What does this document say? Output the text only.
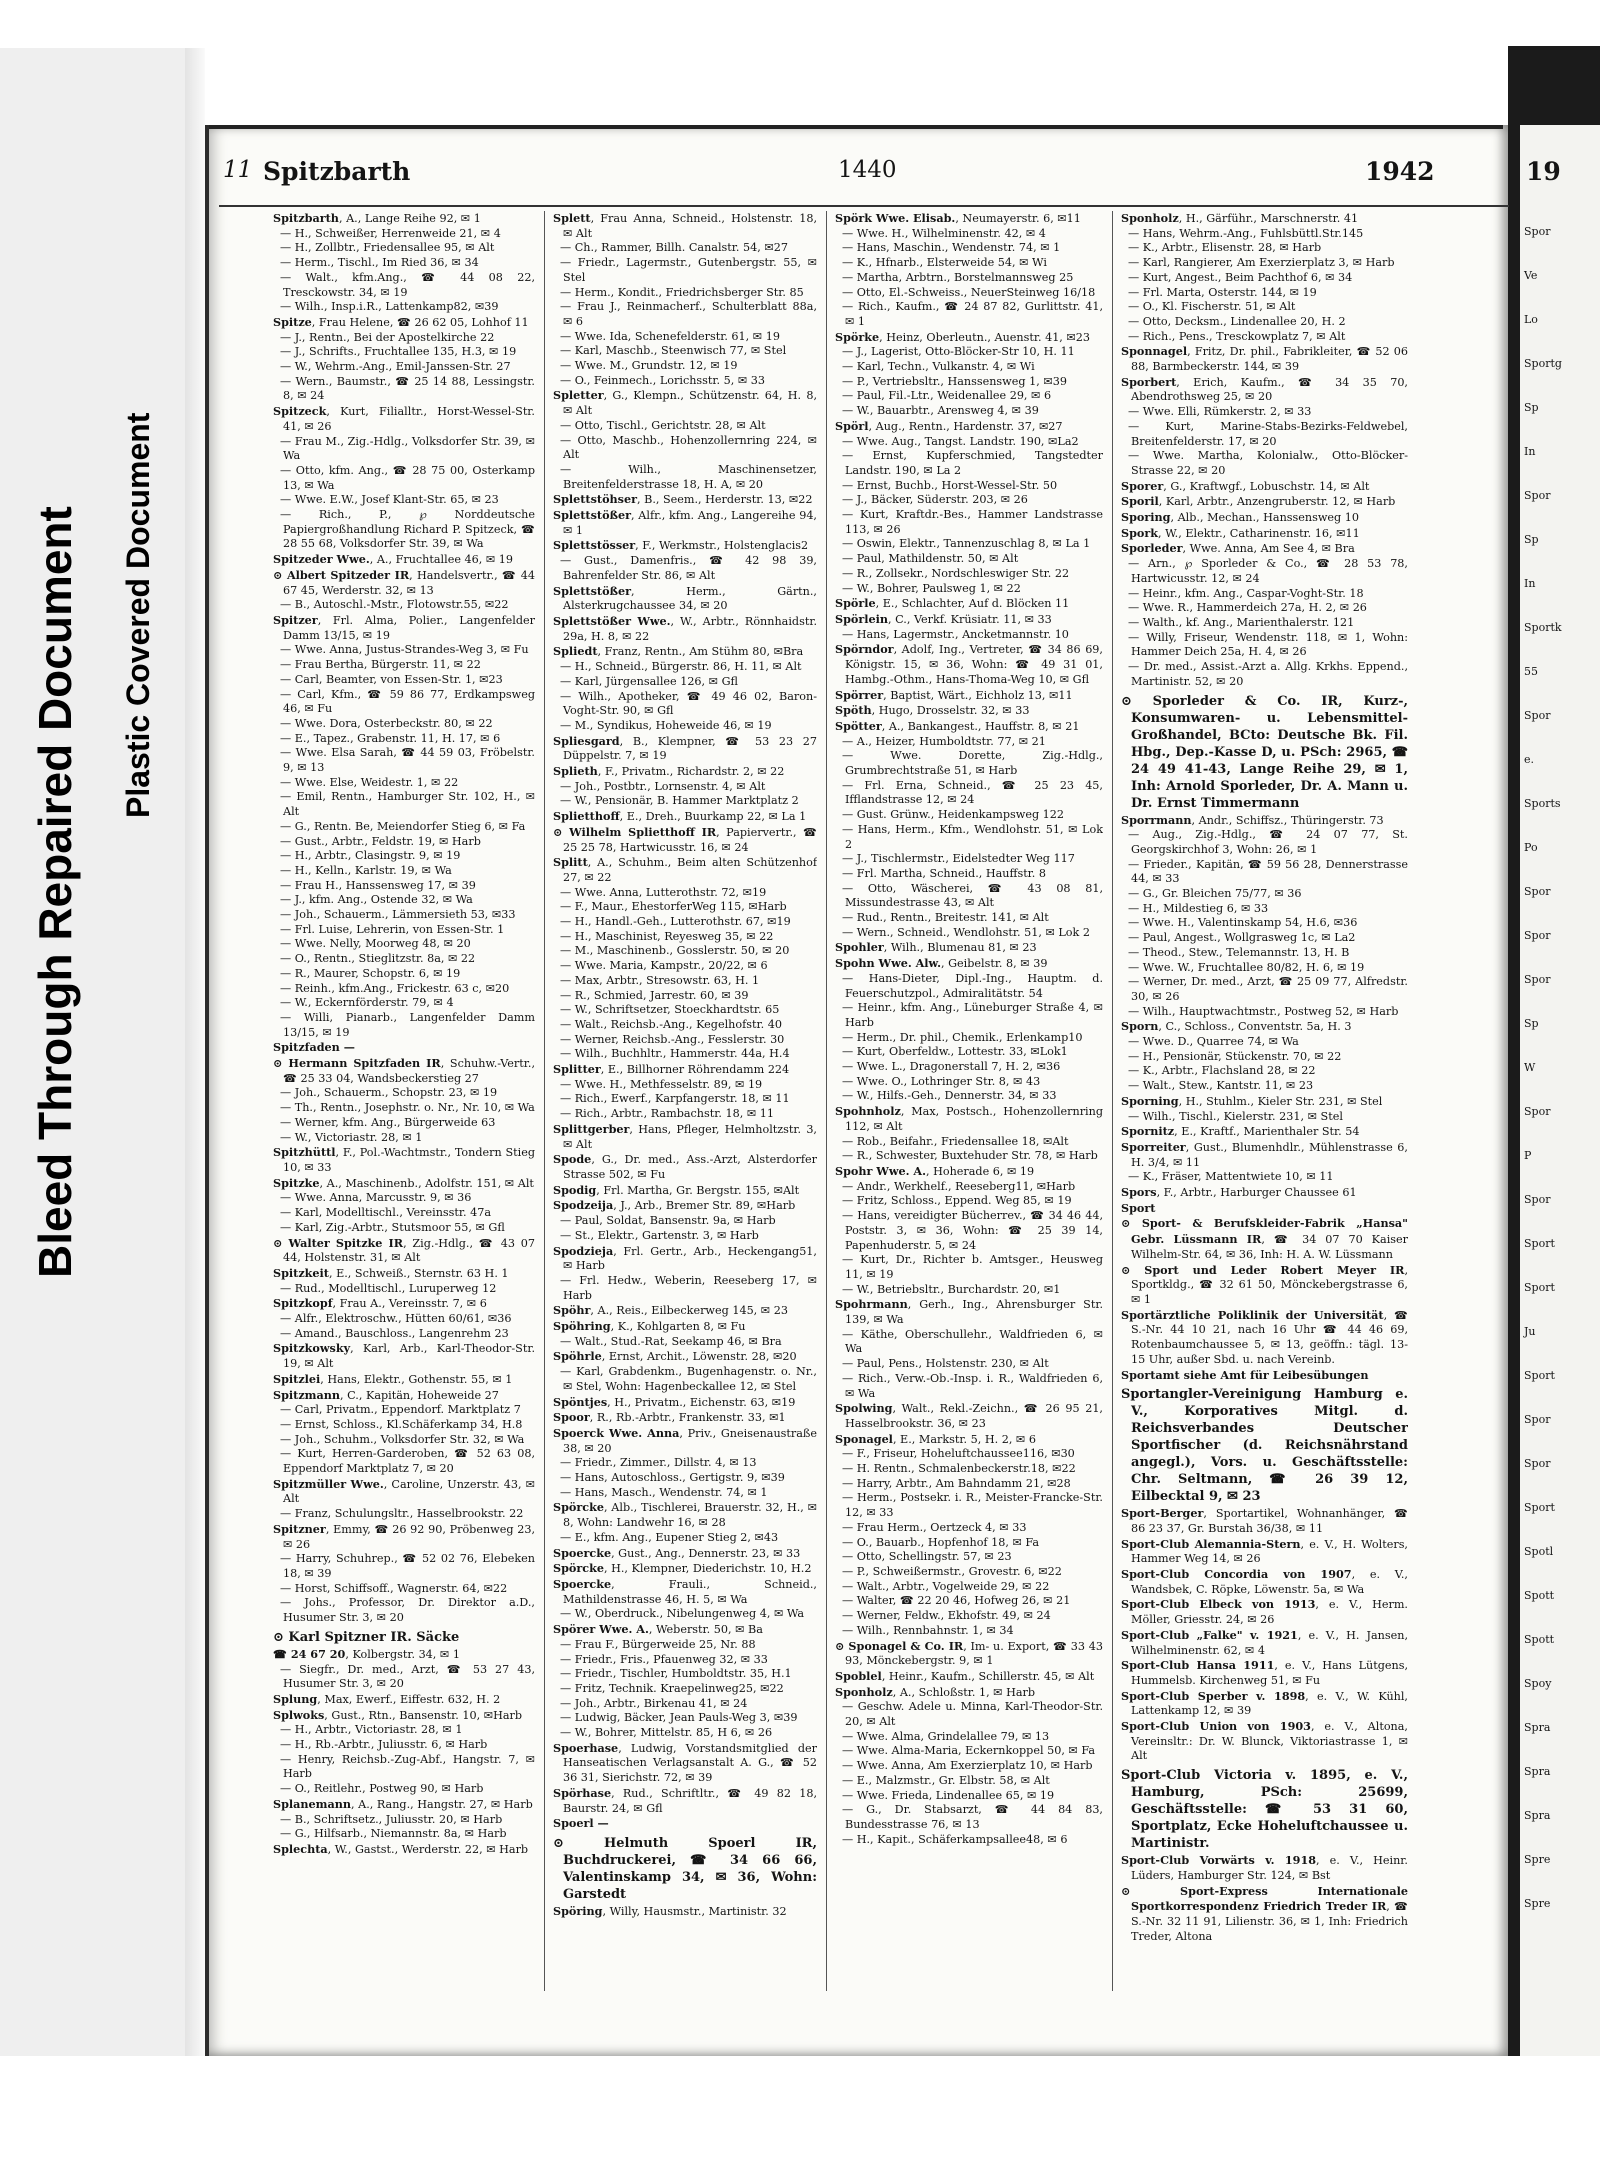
Bleed Through Repaired Document Plastic Covered Document
11 Spitzbarth	1440	1942

Spitzbarth, A., Lange Reihe 92, ✉ 1

— H., Schweißer, Herrenweide 21, ✉ 4

— H., Zollbtr., Friedensallee 95, ✉ Alt

— Herm., Tischl., Im Ried 36, ✉ 34

— Walt., kfm.Ang., ☎ 44 08 22, Tresckowstr. 34, ✉ 19

— Wilh., Insp.i.R., Lattenkamp82, ✉39

Spitze, Frau Helene, ☎ 26 62 05, Lohhof 11

— J., Rentn., Bei der Apostelkirche 22

— J., Schrifts., Fruchtallee 135, H.3, ✉ 19

— W., Wehrm.-Ang., Emil-Janssen-Str. 27

— Wern., Baumstr., ☎ 25 14 88, Lessingstr. 8, ✉ 24

Spitzeck, Kurt, Filialltr., Horst-Wessel-Str. 41, ✉ 26

— Frau M., Zig.-Hdlg., Volksdorfer Str. 39, ✉ Wa

— Otto, kfm. Ang., ☎ 28 75 00, Osterkamp 13, ✉ Wa

— Wwe. E.W., Josef Klant-Str. 65, ✉ 23

— Rich., P., ℘ Norddeutsche Papiergroßhandlung Richard P. Spitzeck, ☎ 28 55 68, Volksdorfer Str. 39, ✉ Wa

Spitzeder Wwe., A., Fruchtallee 46, ✉ 19

⊙ Albert Spitzeder IR, Handelsvertr., ☎ 44 67 45, Werderstr. 32, ✉ 13

— B., Autoschl.-Mstr., Flotowstr.55, ✉22

Spitzer, Frl. Alma, Polier., Langenfelder Damm 13/15, ✉ 19

— Wwe. Anna, Justus-Strandes-Weg 3, ✉ Fu

— Frau Bertha, Bürgerstr. 11, ✉ 22

— Carl, Beamter, von Essen-Str. 1, ✉23

— Carl, Kfm., ☎ 59 86 77, Erdkampsweg 46, ✉ Fu

— Wwe. Dora, Osterbeckstr. 80, ✉ 22

— E., Tapez., Grabenstr. 11, H. 17, ✉ 6

— Wwe. Elsa Sarah, ☎ 44 59 03, Fröbelstr. 9, ✉ 13

— Wwe. Else, Weidestr. 1, ✉ 22

— Emil, Rentn., Hamburger Str. 102, H., ✉ Alt

— G., Rentn. Be, Meiendorfer Stieg 6, ✉ Fa

— Gust., Arbtr., Feldstr. 19, ✉ Harb

— H., Arbtr., Clasingstr. 9, ✉ 19

— H., Kelln., Karlstr. 19, ✉ Wa

— Frau H., Hanssensweg 17, ✉ 39

— J., kfm. Ang., Ostende 32, ✉ Wa

— Joh., Schauerm., Lämmersieth 53, ✉33

— Frl. Luise, Lehrerin, von Essen-Str. 1

— Wwe. Nelly, Moorweg 48, ✉ 20

— O., Rentn., Stieglitzstr. 8a, ✉ 22

— R., Maurer, Schopstr. 6, ✉ 19

— Reinh., kfm.Ang., Frickestr. 63 c, ✉20

— W., Eckernförderstr. 79, ✉ 4

— Willi, Pianarb., Langenfelder Damm 13/15, ✉ 19

Spitzfaden —

⊙ Hermann Spitzfaden IR, Schuhw.-Vertr., ☎ 25 33 04, Wandsbeckerstieg 27

— Joh., Schauerm., Schopstr. 23, ✉ 19

— Th., Rentn., Josephstr. o. Nr., Nr. 10, ✉ Wa

— Werner, kfm. Ang., Bürgerweide 63

— W., Victoriastr. 28, ✉ 1

Spitzhüttl, F., Pol.-Wachtmstr., Tondern Stieg 10, ✉ 33

Spitzke, A., Maschinenb., Adolfstr. 151, ✉ Alt

— Wwe. Anna, Marcusstr. 9, ✉ 36

— Karl, Modelltischl., Vereinsstr. 47a

— Karl, Zig.-Arbtr., Stutsmoor 55, ✉ Gfl

⊙ Walter Spitzke IR, Zig.-Hdlg., ☎ 43 07 44, Holstenstr. 31, ✉ Alt

Spitzkeit, E., Schweiß., Sternstr. 63 H. 1

— Rud., Modelltischl., Luruperweg 12

Spitzkopf, Frau A., Vereinsstr. 7, ✉ 6

— Alfr., Elektroschw., Hütten 60/61, ✉36

— Amand., Bauschloss., Langenrehm 23

Spitzkowsky, Karl, Arb., Karl-Theodor-Str. 19, ✉ Alt

Spitzlei, Hans, Elektr., Gothenstr. 55, ✉ 1

Spitzmann, C., Kapitän, Hoheweide 27

— Carl, Privatm., Eppendorf. Marktplatz 7

— Ernst, Schloss., Kl.Schäferkamp 34, H.8

— Joh., Schuhm., Volksdorfer Str. 32, ✉ Wa

— Kurt, Herren-Garderoben, ☎ 52 63 08, Eppendorf Marktplatz 7, ✉ 20

Spitzmüller Wwe., Caroline, Unzerstr. 43, ✉ Alt

— Franz, Schulungsltr., Hasselbrookstr. 22

Spitzner, Emmy, ☎ 26 92 90, Pröbenweg 23, ✉ 26

— Harry, Schuhrep., ☎ 52 02 76, Elebeken 18, ✉ 39

— Horst, Schiffsoff., Wagnerstr. 64, ✉22

— Johs., Professor, Dr. Direktor a.D., Husumer Str. 3, ✉ 20

⊙ Karl Spitzner IR. Säcke

☎ 24 67 20, Kolbergstr. 34, ✉ 1

— Siegfr., Dr. med., Arzt, ☎ 53 27 43, Husumer Str. 3, ✉ 20

Splung, Max, Ewerf., Eiffestr. 632, H. 2

Splwoks, Gust., Rtn., Bansenstr. 10, ✉Harb

— H., Arbtr., Victoriastr. 28, ✉ 1

— H., Rb.-Arbtr., Juliusstr. 6, ✉ Harb

— Henry, Reichsb.-Zug-Abf., Hangstr. 7, ✉ Harb

— O., Reitlehr., Postweg 90, ✉ Harb

Splanemann, A., Rang., Hangstr. 27, ✉ Harb

— B., Schriftsetz., Juliusstr. 20, ✉ Harb

— G., Hilfsarb., Niemannstr. 8a, ✉ Harb

Splechta, W., Gastst., Werderstr. 22, ✉ Harb

Splett, Frau Anna, Schneid., Holstenstr. 18, ✉ Alt

— Ch., Rammer, Billh. Canalstr. 54, ✉27

— Friedr., Lagermstr., Gutenbergstr. 55, ✉ Stel

— Herm., Kondit., Friedrichsberger Str. 85

— Frau J., Reinmacherf., Schulterblatt 88a, ✉ 6

— Wwe. Ida, Schenefelderstr. 61, ✉ 19

— Karl, Maschb., Steenwisch 77, ✉ Stel

— Wwe. M., Grundstr. 12, ✉ 19

— O., Feinmech., Lorichsstr. 5, ✉ 33

Spletter, G., Klempn., Schützenstr. 64, H. 8, ✉ Alt

— Otto, Tischl., Gerichtstr. 28, ✉ Alt

— Otto, Maschb., Hohenzollernring 224, ✉ Alt

— Wilh., Maschinensetzer, Breitenfelderstrasse 18, H. A, ✉ 20

Splettstöhser, B., Seem., Herderstr. 13, ✉22

Splettstößer, Alfr., kfm. Ang., Langereihe 94, ✉ 1

Splettstösser, F., Werkmstr., Holstenglacis2

— Gust., Damenfris., ☎ 42 98 39, Bahrenfelder Str. 86, ✉ Alt

Splettstößer, Herm., Gärtn., Alsterkrugchaussee 34, ✉ 20

Splettstößer Wwe., W., Arbtr., Rönnhaidstr. 29a, H. 8, ✉ 22

Spliedt, Franz, Rentn., Am Stühm 80, ✉Bra

— H., Schneid., Bürgerstr. 86, H. 11, ✉ Alt

— Karl, Jürgensallee 126, ✉ Gfl

— Wilh., Apotheker, ☎ 49 46 02, Baron-Voght-Str. 90, ✉ Gfl

— M., Syndikus, Hoheweide 46, ✉ 19

Spliesgard, B., Klempner, ☎ 53 23 27 Düppelstr. 7, ✉ 19

Splieth, F., Privatm., Richardstr. 2, ✉ 22

— Joh., Postbtr., Lornsenstr. 4, ✉ Alt

— W., Pensionär, B. Hammer Marktplatz 2

Splietthoff, E., Dreh., Buurkamp 22, ✉ La 1

⊙ Wilhelm Splietthoff IR, Papiervertr., ☎ 25 25 78, Hartwicusstr. 16, ✉ 24

Splitt, A., Schuhm., Beim alten Schützenhof 27, ✉ 22

— Wwe. Anna, Lutterothstr. 72, ✉19

— F., Maur., EhestorferWeg 115, ✉Harb

— H., Handl.-Geh., Lutterothstr. 67, ✉19

— H., Maschinist, Reyesweg 35, ✉ 22

— M., Maschinenb., Gosslerstr. 50, ✉ 20

— Wwe. Maria, Kampstr., 20/22, ✉ 6

— Max, Arbtr., Stresowstr. 63, H. 1

— R., Schmied, Jarrestr. 60, ✉ 39

— W., Schriftsetzer, Stoeckhardtstr. 65

— Walt., Reichsb.-Ang., Kegelhofstr. 40

— Werner, Reichsb.-Ang., Fesslerstr. 30

— Wilh., Buchhltr., Hammerstr. 44a, H.4

Splitter, E., Billhorner Röhrendamm 224

— Wwe. H., Methfesselstr. 89, ✉ 19

— Rich., Ewerf., Karpfangerstr. 18, ✉ 11

— Rich., Arbtr., Rambachstr. 18, ✉ 11

Splittgerber, Hans, Pfleger, Helmholtzstr. 3, ✉ Alt

Spode, G., Dr. med., Ass.-Arzt, Alsterdorfer Strasse 502, ✉ Fu

Spodig, Frl. Martha, Gr. Bergstr. 155, ✉Alt

Spodzeija, J., Arb., Bremer Str. 89, ✉Harb

— Paul, Soldat, Bansenstr. 9a, ✉ Harb

— St., Elektr., Gartenstr. 3, ✉ Harb

Spodzieja, Frl. Gertr., Arb., Heckengang51, ✉ Harb

— Frl. Hedw., Weberin, Reeseberg 17, ✉ Harb

Spöhr, A., Reis., Eilbeckerweg 145, ✉ 23

Spöhring, K., Kohlgarten 8, ✉ Fu

— Walt., Stud.-Rat, Seekamp 46, ✉ Bra

Spöhrle, Ernst, Archit., Löwenstr. 28, ✉20

— Karl, Grabdenkm., Bugenhagenstr. o. Nr., ✉ Stel, Wohn: Hagenbeckallee 12, ✉ Stel

Spöntjes, H., Privatm., Eichenstr. 63, ✉19

Spoor, R., Rb.-Arbtr., Frankenstr. 33, ✉1

Spoerck Wwe. Anna, Priv., Gneisenaustraße 38, ✉ 20

— Friedr., Zimmer., Dillstr. 4, ✉ 13

— Hans, Autoschloss., Gertigstr. 9, ✉39

— Hans, Masch., Wendenstr. 74, ✉ 1

Spörcke, Alb., Tischlerei, Brauerstr. 32, H., ✉ 8, Wohn: Landwehr 16, ✉ 28

— E., kfm. Ang., Eupener Stieg 2, ✉43

Spoercke, Gust., Ang., Dennerstr. 23, ✉ 33

Spörcke, H., Klempner, Diederichstr. 10, H.2

Spoercke, Frauli., Schneid., Mathildenstrasse 46, H. 5, ✉ Wa

— W., Oberdruck., Nibelungenweg 4, ✉ Wa

Spörer Wwe. A., Weberstr. 50, ✉ Ba

— Frau F., Bürgerweide 25, Nr. 88

— Friedr., Fris., Pfauenweg 32, ✉ 33

— Friedr., Tischler, Humboldtstr. 35, H.1

— Fritz, Technik. Kraepelinweg25, ✉22

— Joh., Arbtr., Birkenau 41, ✉ 24

— Ludwig, Bäcker, Jean Pauls-Weg 3, ✉39

— W., Bohrer, Mittelstr. 85, H 6, ✉ 26

Spoerhase, Ludwig, Vorstandsmitglied der Hanseatischen Verlagsanstalt A. G., ☎ 52 36 31, Sierichstr. 72, ✉ 39

Spörhase, Rud., Schriftltr., ☎ 49 82 18, Baurstr. 24, ✉ Gfl

Spoerl —

⊙ Helmuth Spoerl IR, Buchdruckerei, ☎ 34 66 66, Valentinskamp 34, ✉ 36, Wohn: Garstedt

Spöring, Willy, Hausmstr., Martinistr. 32

Spörk Wwe. Elisab., Neumayerstr. 6, ✉11

— Wwe. H., Wilhelminenstr. 42, ✉ 4

— Hans, Maschin., Wendenstr. 74, ✉ 1

— K., Hfnarb., Elsterweide 54, ✉ Wi

— Martha, Arbtrn., Borstelmannsweg 25

— Otto, El.-Schweiss., NeuerSteinweg 16/18

— Rich., Kaufm., ☎ 24 87 82, Gurlittstr. 41, ✉ 1

Spörke, Heinz, Oberleutn., Auenstr. 41, ✉23

— J., Lagerist, Otto-Blöcker-Str 10, H. 11

— Karl, Techn., Vulkanstr. 4, ✉ Wi

— P., Vertriebsltr., Hanssensweg 1, ✉39

— Paul, Fil.-Ltr., Weidenallee 29, ✉ 6

— W., Bauarbtr., Arensweg 4, ✉ 39

Spörl, Aug., Rentn., Hardenstr. 37, ✉27

— Wwe. Aug., Tangst. Landstr. 190, ✉La2

— Ernst, Kupferschmied, Tangstedter Landstr. 190, ✉ La 2

— Ernst, Buchb., Horst-Wessel-Str. 50

— J., Bäcker, Süderstr. 203, ✉ 26

— Kurt, Kraftdr.-Bes., Hammer Landstrasse 113, ✉ 26

— Oswin, Elektr., Tannenzuschlag 8, ✉ La 1

— Paul, Mathildenstr. 50, ✉ Alt

— R., Zollsekr., Nordschleswiger Str. 22

— W., Bohrer, Paulsweg 1, ✉ 22

Spörle, E., Schlachter, Auf d. Blöcken 11

Spörlein, C., Verkf. Krüsiatr. 11, ✉ 33

— Hans, Lagermstr., Ancketmannstr. 10

Spörndor, Adolf, Ing., Vertreter, ☎ 34 86 69, Königstr. 15, ✉ 36, Wohn: ☎ 49 31 01, Hambg.-Othm., Hans-Thoma-Weg 10, ✉ Gfl

Spörrer, Baptist, Wärt., Eichholz 13, ✉11

Spöth, Hugo, Drosselstr. 32, ✉ 33

Spötter, A., Bankangest., Hauffstr. 8, ✉ 21

— A., Heizer, Humboldtstr. 77, ✉ 21

— Wwe. Dorette, Zig.-Hdlg., Grumbrechtstraße 51, ✉ Harb

— Frl. Erna, Schneid., ☎ 25 23 45, Ifflandstrasse 12, ✉ 24

— Gust. Grünw., Heidenkampsweg 122

— Hans, Herm., Kfm., Wendlohstr. 51, ✉ Lok 2

— J., Tischlermstr., Eidelstedter Weg 117

— Frl. Martha, Schneid., Hauffstr. 8

— Otto, Wäscherei, ☎ 43 08 81, Missundestrasse 43, ✉ Alt

— Rud., Rentn., Breitestr. 141, ✉ Alt

— Wern., Schneid., Wendlohstr. 51, ✉ Lok 2

Spohler, Wilh., Blumenau 81, ✉ 23

Spohn Wwe. Alw., Geibelstr. 8, ✉ 39

— Hans-Dieter, Dipl.-Ing., Hauptm. d. Feuerschutzpol., Admiralitätstr. 54

— Heinr., kfm. Ang., Lüneburger Straße 4, ✉ Harb

— Herm., Dr. phil., Chemik., Erlenkamp10

— Kurt, Oberfeldw., Lottestr. 33, ✉Lok1

— Wwe. L., Dragonerstall 7, H. 2, ✉36

— Wwe. O., Lothringer Str. 8, ✉ 43

— W., Hilfs.-Geh., Dennerstr. 34, ✉ 33

Spohnholz, Max, Postsch., Hohenzollernring 112, ✉ Alt

— Rob., Beifahr., Friedensallee 18, ✉Alt

— R., Schwester, Buxtehuder Str. 78, ✉ Harb

Spohr Wwe. A., Hoherade 6, ✉ 19

— Andr., Werkhelf., Reeseberg11, ✉Harb

— Fritz, Schloss., Eppend. Weg 85, ✉ 19

— Hans, vereidigter Bücherrev., ☎ 34 46 44, Poststr. 3, ✉ 36, Wohn: ☎ 25 39 14, Papenhuderstr. 5, ✉ 24

— Kurt, Dr., Richter b. Amtsger., Heusweg 11, ✉ 19

— W., Betriebsltr., Burchardstr. 20, ✉1

Spohrmann, Gerh., Ing., Ahrensburger Str. 139, ✉ Wa

— Käthe, Oberschullehr., Waldfrieden 6, ✉ Wa

— Paul, Pens., Holstenstr. 230, ✉ Alt

— Rich., Verw.-Ob.-Insp. i. R., Waldfrieden 6, ✉ Wa

Spolwing, Walt., Rekl.-Zeichn., ☎ 26 95 21, Hasselbrookstr. 36, ✉ 23

Sponagel, E., Markstr. 5, H. 2, ✉ 6

— F., Friseur, Hoheluftchaussee116, ✉30

— H. Rentn., Schmalenbeckerstr.18, ✉22

— Harry, Arbtr., Am Bahndamm 21, ✉28

— Herm., Postsekr. i. R., Meister-Francke-Str. 12, ✉ 33

— Frau Herm., Oertzeck 4, ✉ 33

— O., Bauarb., Hopfenhof 18, ✉ Fa

— Otto, Schellingstr. 57, ✉ 23

— P., Schweißermstr., Grovestr. 6, ✉22

— Walt., Arbtr., Vogelweide 29, ✉ 22

— Walter, ☎ 22 20 46, Hofweg 26, ✉ 21

— Werner, Feldw., Ekhofstr. 49, ✉ 24

— Wilh., Rennbahnstr. 1, ✉ 34

⊙ Sponagel & Co. IR, Im- u. Export, ☎ 33 43 93, Mönckebergstr. 9, ✉ 1

Spoblel, Heinr., Kaufm., Schillerstr. 45, ✉ Alt

Sponholz, A., Schloßstr. 1, ✉ Harb

— Geschw. Adele u. Minna, Karl-Theodor-Str. 20, ✉ Alt

— Wwe. Alma, Grindelallee 79, ✉ 13

— Wwe. Alma-Maria, Eckernkoppel 50, ✉ Fa

— Wwe. Anna, Am Exerzierplatz 10, ✉ Harb

— E., Malzmstr., Gr. Elbstr. 58, ✉ Alt

— Wwe. Frieda, Lindenallee 65, ✉ 19

— G., Dr. Stabsarzt, ☎ 44 84 83, Bundesstrasse 76, ✉ 13

— H., Kapit., Schäferkampsallee48, ✉ 6

Sponholz, H., Gärführ., Marschnerstr. 41

— Hans, Wehrm.-Ang., Fuhlsbüttl.Str.145

— K., Arbtr., Elisenstr. 28, ✉ Harb

— Karl, Rangierer, Am Exerzierplatz 3, ✉ Harb

— Kurt, Angest., Beim Pachthof 6, ✉ 34

— Frl. Marta, Osterstr. 144, ✉ 19

— O., Kl. Fischerstr. 51, ✉ Alt

— Otto, Decksm., Lindenallee 20, H. 2

— Rich., Pens., Tresckowplatz 7, ✉ Alt

Sponnagel, Fritz, Dr. phil., Fabrikleiter, ☎ 52 06 88, Barmbeckerstr. 144, ✉ 39

Sporbert, Erich, Kaufm., ☎ 34 35 70, Abendrothsweg 25, ✉ 20

— Wwe. Elli, Rümkerstr. 2, ✉ 33

— Kurt, Marine-Stabs-Bezirks-Feldwebel, Breitenfelderstr. 17, ✉ 20

— Wwe. Martha, Kolonialw., Otto-Blöcker-Strasse 22, ✉ 20

Sporer, G., Kraftwgf., Lobuschstr. 14, ✉ Alt

Sporil, Karl, Arbtr., Anzengruberstr. 12, ✉ Harb

Sporing, Alb., Mechan., Hanssensweg 10

Spork, W., Elektr., Catharinenstr. 16, ✉11

Sporleder, Wwe. Anna, Am See 4, ✉ Bra

— Arn., ℘ Sporleder & Co., ☎ 28 53 78, Hartwicusstr. 12, ✉ 24

— Heinr., kfm. Ang., Caspar-Voght-Str. 18

— Wwe. R., Hammerdeich 27a, H. 2, ✉ 26

— Walth., kf. Ang., Marienthalerstr. 121

— Willy, Friseur, Wendenstr. 118, ✉ 1, Wohn: Hammer Deich 25a, H. 4, ✉ 26

— Dr. med., Assist.-Arzt a. Allg. Krkhs. Eppend., Martinistr. 52, ✉ 20

⊙ Sporleder & Co. IR, Kurz-, Konsumwaren- u. Lebensmittel-Großhandel, BCto: Deutsche Bk. Fil. Hbg., Dep.-Kasse D, u. PSch: 2965, ☎ 24 49 41-43, Lange Reihe 29, ✉ 1, Inh: Arnold Sporleder, Dr. A. Mann u. Dr. Ernst Timmermann

Sporrmann, Andr., Schiffsz., Thüringerstr. 73

— Aug., Zig.-Hdlg., ☎ 24 07 77, St. Georgskirchhof 3, Wohn: 26, ✉ 1

— Frieder., Kapitän, ☎ 59 56 28, Dennerstrasse 44, ✉ 33

— G., Gr. Bleichen 75/77, ✉ 36

— H., Mildestieg 6, ✉ 33

— Wwe. H., Valentinskamp 54, H.6, ✉36

— Paul, Angest., Wollgrasweg 1c, ✉ La2

— Theod., Stew., Telemannstr. 13, H. B

— Wwe. W., Fruchtallee 80/82, H. 6, ✉ 19

— Werner, Dr. med., Arzt, ☎ 25 09 77, Alfredstr. 30, ✉ 26

— Wilh., Hauptwachtmstr., Postweg 52, ✉ Harb

Sporn, C., Schloss., Conventstr. 5a, H. 3

— Wwe. D., Quarree 74, ✉ Wa

— H., Pensionär, Stückenstr. 70, ✉ 22

— K., Arbtr., Flachsland 28, ✉ 22

— Walt., Stew., Kantstr. 11, ✉ 23

Sporning, H., Stuhlm., Kieler Str. 231, ✉ Stel

— Wilh., Tischl., Kielerstr. 231, ✉ Stel

Spornitz, E., Kraftf., Marienthaler Str. 54

Sporreiter, Gust., Blumenhdlr., Mühlenstrasse 6, H. 3/4, ✉ 11

— K., Fräser, Mattentwiete 10, ✉ 11

Spors, F., Arbtr., Harburger Chaussee 61

Sport

⊙ Sport- & Berufskleider-Fabrik „Hansa" Gebr. Lüssmann IR, ☎ 34 07 70 Kaiser Wilhelm-Str. 64, ✉ 36, Inh: H. A. W. Lüssmann

⊙ Sport und Leder Robert Meyer IR, Sportkldg., ☎ 32 61 50, Mönckebergstrasse 6, ✉ 1

Sportärztliche Poliklinik der Universität, ☎ S.-Nr. 44 10 21, nach 16 Uhr ☎ 44 46 69, Rotenbaumchaussee 5, ✉ 13, geöffn.: tägl. 13-15 Uhr, außer Sbd. u. nach Vereinb.

Sportamt siehe Amt für Leibesübungen

Sportangler-Vereinigung Hamburg e. V., Korporatives Mitgl. d. Reichsverbandes Deutscher Sportfischer (d. Reichsnährstand angegl.), Vors. u. Geschäftsstelle: Chr. Seltmann, ☎ 26 39 12, Eilbecktal 9, ✉ 23

Sport-Berger, Sportartikel, Wohnanhänger, ☎ 86 23 37, Gr. Burstah 36/38, ✉ 11

Sport-Club Alemannia-Stern, e. V., H. Wolters, Hammer Weg 14, ✉ 26

Sport-Club Concordia von 1907, e. V., Wandsbek, C. Röpke, Löwenstr. 5a, ✉ Wa

Sport-Club Elbeck von 1913, e. V., Herm. Möller, Griesstr. 24, ✉ 26

Sport-Club „Falke" v. 1921, e. V., H. Jansen, Wilhelminenstr. 62, ✉ 4

Sport-Club Hansa 1911, e. V., Hans Lütgens, Hummelsb. Kirchenweg 51, ✉ Fu

Sport-Club Sperber v. 1898, e. V., W. Kühl, Lattenkamp 12, ✉ 39

Sport-Club Union von 1903, e. V., Altona, Vereinsltr.: Dr. W. Blunck, Viktoriastrasse 1, ✉ Alt

Sport-Club Victoria v. 1895, e. V., Hamburg, PSch: 25699, Geschäftsstelle: ☎ 53 31 60, Sportplatz, Ecke Hoheluftchaussee u. Martinistr.

Sport-Club Vorwärts v. 1918, e. V., Heinr. Lüders, Hamburger Str. 124, ✉ Bst

⊙ Sport-Express Internationale Sportkorrespondenz Friedrich Treder IR, ☎ S.-Nr. 32 11 91, Lilienstr. 36, ✉ 1, Inh: Friedrich Treder, Altona

19
Spor
Ve
Lo
Sportg
Sp
In
Spor
Sp
In
Sportk
55
Spor
e.
Sports
Po
Spor
Spor
Spor
Sp
W
Spor
P
Spor
Sport
Sport
Ju
Sport
Spor
Spor
Sport
Spotl
Spott
Spott
Spoy
Spra
Spra
Spra
Spre
Spre
